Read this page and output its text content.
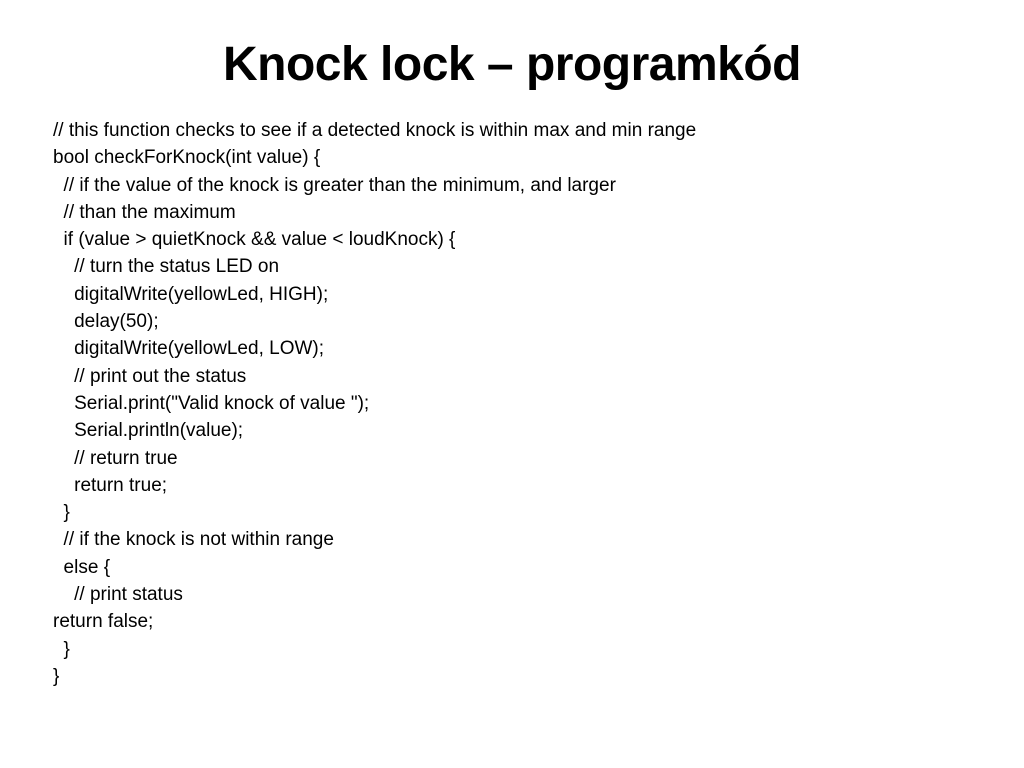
Knock lock – programkód
// this function checks to see if a detected knock is within max and min range
bool checkForKnock(int value) {
// if the value of the knock is greater than the minimum, and larger
// than the maximum
if (value > quietKnock && value < loudKnock) {
// turn the status LED on
digitalWrite(yellowLed, HIGH);
delay(50);
digitalWrite(yellowLed, LOW);
// print out the status
Serial.print("Valid knock of value ");
Serial.println(value);
// return true
return true;
}
// if the knock is not within range
else {
// print status
return false;
}
}
